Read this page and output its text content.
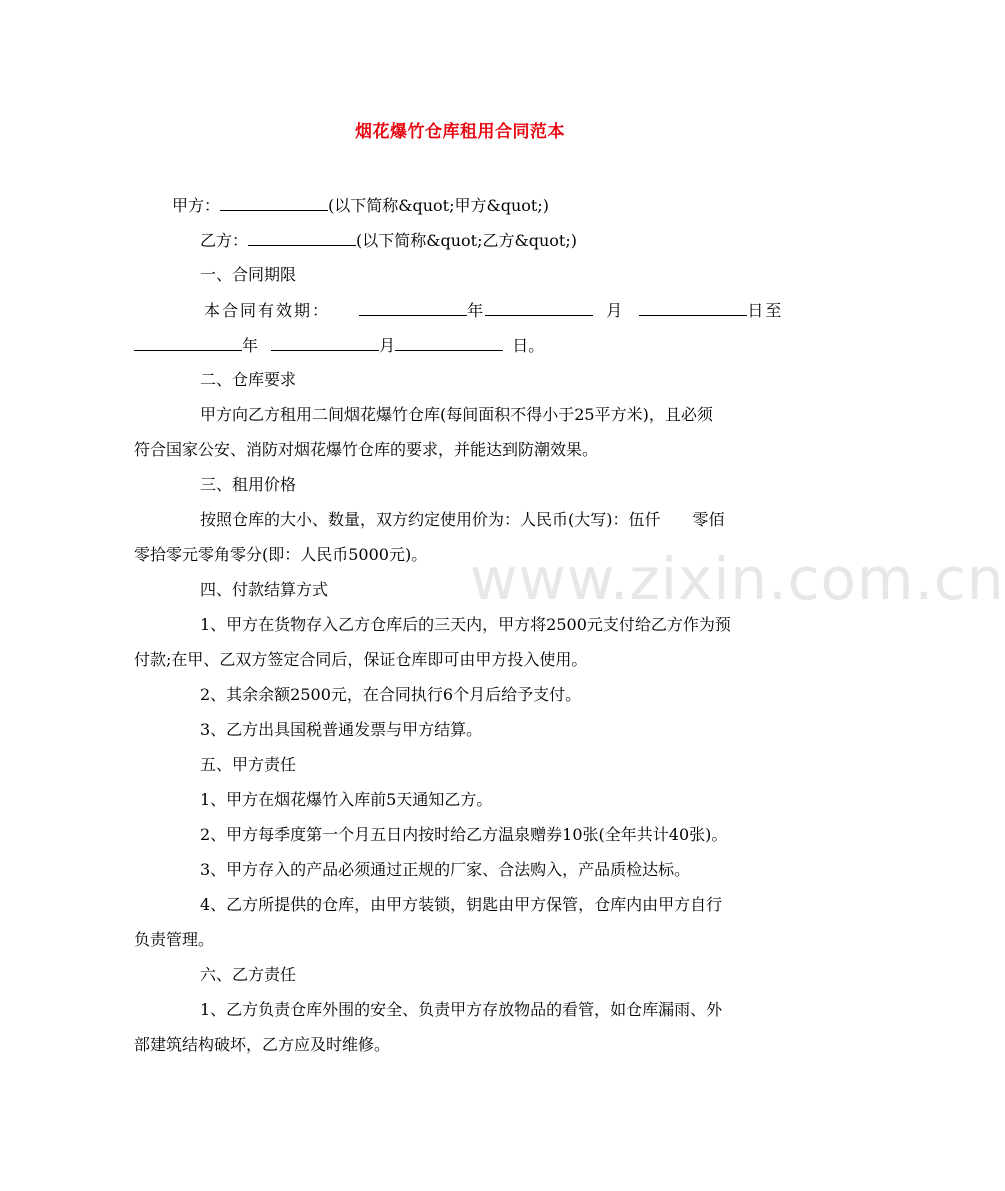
www.zixin.com.cn
烟花爆竹仓库租用合同范本
甲方：	(以下简称&quot;甲方&quot;)
乙方：	(以下简称&quot;乙方&quot;)
一、合同期限
本合同有效期：	年	月	日至
年	月	日。
二、仓库要求
甲方向乙方租用二间烟花爆竹仓库(每间面积不得小于25平方米)，且必须
符合国家公安、消防对烟花爆竹仓库的要求，并能达到防潮效果。
三、租用价格
按照仓库的大小、数量，双方约定使用价为：人民币(大写)：伍仟　　零佰
零拾零元零角零分(即：人民币5000元)。
四、付款结算方式
1、甲方在货物存入乙方仓库后的三天内，甲方将2500元支付给乙方作为预
付款;在甲、乙双方签定合同后，保证仓库即可由甲方投入使用。
2、其余余额2500元，在合同执行6个月后给予支付。
3、乙方出具国税普通发票与甲方结算。
五、甲方责任
1、甲方在烟花爆竹入库前5天通知乙方。
2、甲方每季度第一个月五日内按时给乙方温泉赠券10张(全年共计40张)。
3、甲方存入的产品必须通过正规的厂家、合法购入，产品质检达标。
4、乙方所提供的仓库，由甲方装锁，钥匙由甲方保管，仓库内由甲方自行
负责管理。
六、乙方责任
1、乙方负责仓库外围的安全、负责甲方存放物品的看管，如仓库漏雨、外
部建筑结构破坏，乙方应及时维修。
